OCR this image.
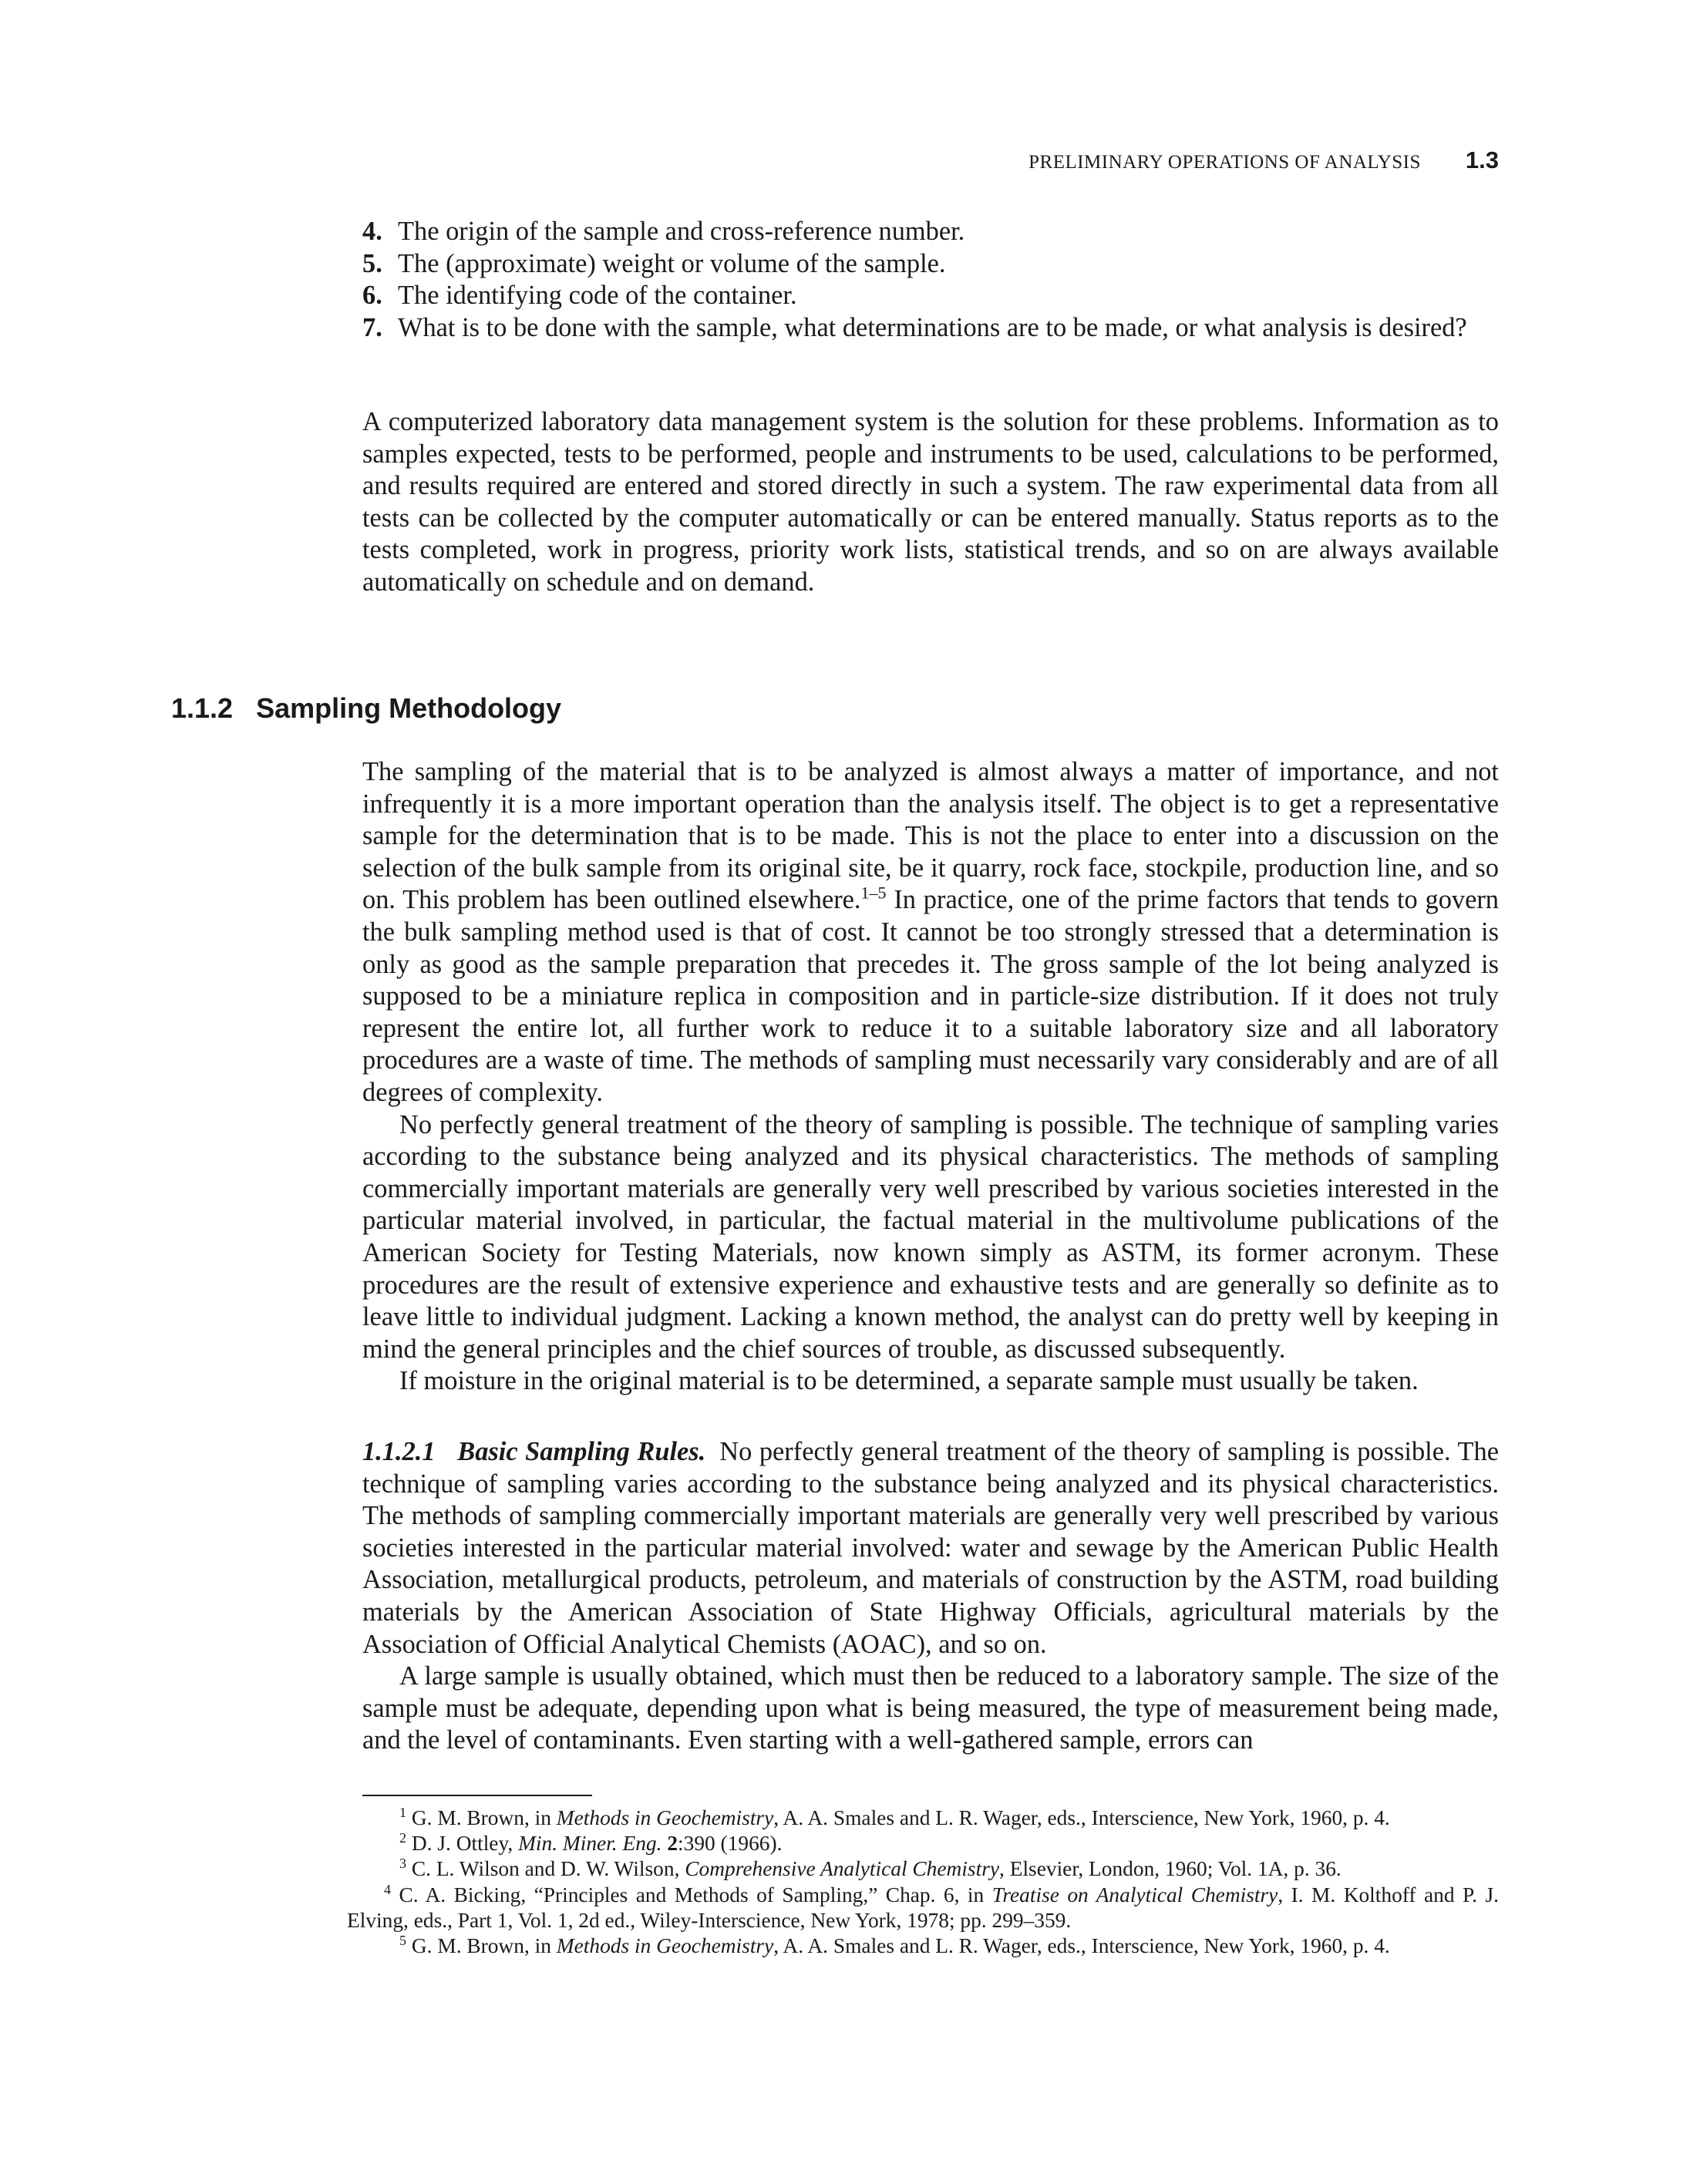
PRELIMINARY OPERATIONS OF ANALYSIS 1.3
4. The origin of the sample and cross-reference number.
5. The (approximate) weight or volume of the sample.
6. The identifying code of the container.
7. What is to be done with the sample, what determinations are to be made, or what analysis is desired?

A computerized laboratory data management system is the solution for these problems. Information as to samples expected, tests to be performed, people and instruments to be used, calculations to be performed, and results required are entered and stored directly in such a system. The raw experimental data from all tests can be collected by the computer automatically or can be entered manually. Status reports as to the tests completed, work in progress, priority work lists, statistical trends, and so on are always available automatically on schedule and on demand.

1.1.2 Sampling Methodology

The sampling of the material that is to be analyzed is almost always a matter of importance, and not infrequently it is a more important operation than the analysis itself. The object is to get a representative sample for the determination that is to be made. This is not the place to enter into a discussion on the selection of the bulk sample from its original site, be it quarry, rock face, stockpile, production line, and so on. This problem has been outlined elsewhere.$^{1-5}$ In practice, one of the prime factors that tends to govern the bulk sampling method used is that of cost. It cannot be too strongly stressed that a determination is only as good as the sample preparation that precedes it. The gross sample of the lot being analyzed is supposed to be a miniature replica in composition and in particle-size distribution. If it does not truly represent the entire lot, all further work to reduce it to a suitable laboratory size and all laboratory procedures are a waste of time. The methods of sampling must necessarily vary considerably and are of all degrees of complexity.

No perfectly general treatment of the theory of sampling is possible. The technique of sampling varies according to the substance being analyzed and its physical characteristics. The methods of sampling commercially important materials are generally very well prescribed by various societies interested in the particular material involved, in particular, the factual material in the multivolume publications of the American Society for Testing Materials, now known simply as ASTM, its former acronym. These procedures are the result of extensive experience and exhaustive tests and are generally so definite as to leave little to individual judgment. Lacking a known method, the analyst can do pretty well by keeping in mind the general principles and the chief sources of trouble, as discussed subsequently.

If moisture in the original material is to be determined, a separate sample must usually be taken.

1.1.2.1 Basic Sampling Rules. No perfectly general treatment of the theory of sampling is possible. The technique of sampling varies according to the substance being analyzed and its physical characteristics. The methods of sampling commercially important materials are generally very well prescribed by various societies interested in the particular material involved: water and sewage by the American Public Health Association, metallurgical products, petroleum, and materials of construction by the ASTM, road building materials by the American Association of State Highway Officials, agricultural materials by the Association of Official Analytical Chemists (AOAC), and so on.

A large sample is usually obtained, which must then be reduced to a laboratory sample. The size of the sample must be adequate, depending upon what is being measured, the type of measurement being made, and the level of contaminants. Even starting with a well-gathered sample, errors can

$^1$ G. M. Brown, in Methods in Geochemistry, A. A. Smales and L. R. Wager, eds., Interscience, New York, 1960, p. 4.

$^2$ D. J. Ottley, Min. Miner. Eng. 2:390 (1966).

$^3$ C. L. Wilson and D. W. Wilson, Comprehensive Analytical Chemistry, Elsevier, London, 1960; Vol. 1A, p. 36.

$^4$ C. A. Bicking, “Principles and Methods of Sampling,” Chap. 6, in Treatise on Analytical Chemistry, I. M. Kolthoff and P. J. Elving, eds., Part 1, Vol. 1, 2d ed., Wiley-Interscience, New York, 1978; pp. 299–359.

$^5$ G. M. Brown, in Methods in Geochemistry, A. A. Smales and L. R. Wager, eds., Interscience, New York, 1960, p. 4.
